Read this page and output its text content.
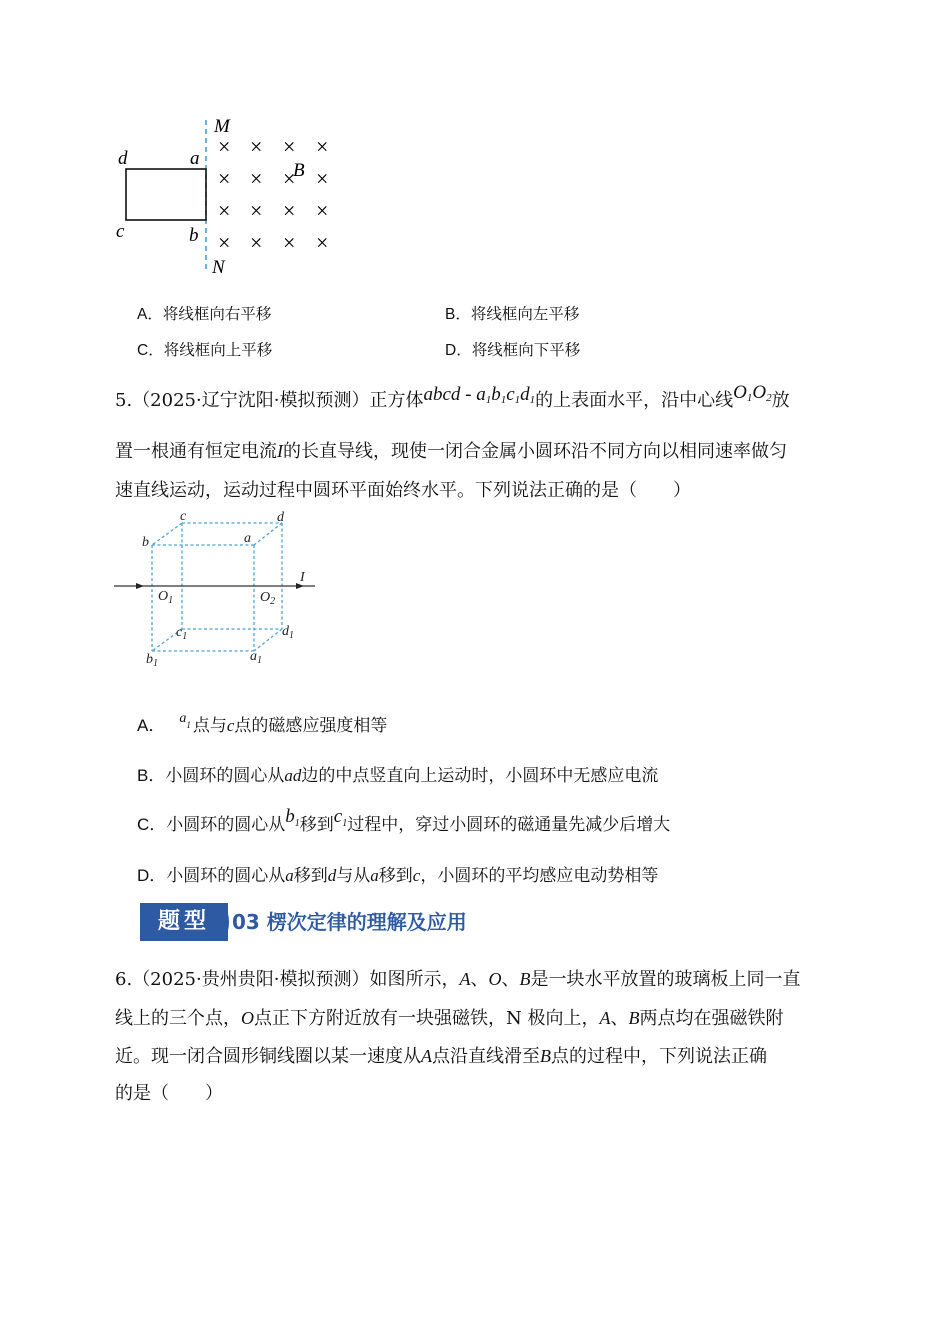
M
N
d	a
c	b
B
× × × ×
× × × ×
× × × ×
× × × ×
A．将线框向右平移	B．将线框向左平移
C．将线框向上平移	D．将线框向下平移
5.（2025·辽宁沈阳·模拟预测）正方体abcd - $a_1b_1c_1d_1$的上表面水平，沿中心线$O_1O_2$放
置一根通有恒定电流I的长直导线，现使一闭合金属小圆环沿不同方向以相同速率做匀
速直线运动，运动过程中圆环平面始终水平。下列说法正确的是（　　）
c	d
b	a
$O_1$	$O_2$
I
$c_1$	$d_1$
$b_1$	$a_1$
A． $^a_1$ 点与c点的磁感应强度相等
B．小圆环的圆心从ad边的中点竖直向上运动时，小圆环中无感应电流
C．小圆环的圆心从$b^1$移到$c^1$过程中，穿过小圆环的磁通量先减少后增大
D．小圆环的圆心从a移到d与从a移到c，小圆环的平均感应电动势相等
题型	03 楞次定律的理解及应用
6.（2025·贵州贵阳·模拟预测）如图所示，A、O、B是一块水平放置的玻璃板上同一直
线上的三个点，O点正下方附近放有一块强磁铁，N 极向上，A、B两点均在强磁铁附
近。现一闭合圆形铜线圈以某一速度从A点沿直线滑至B点的过程中，下列说法正确
的是（　　）
